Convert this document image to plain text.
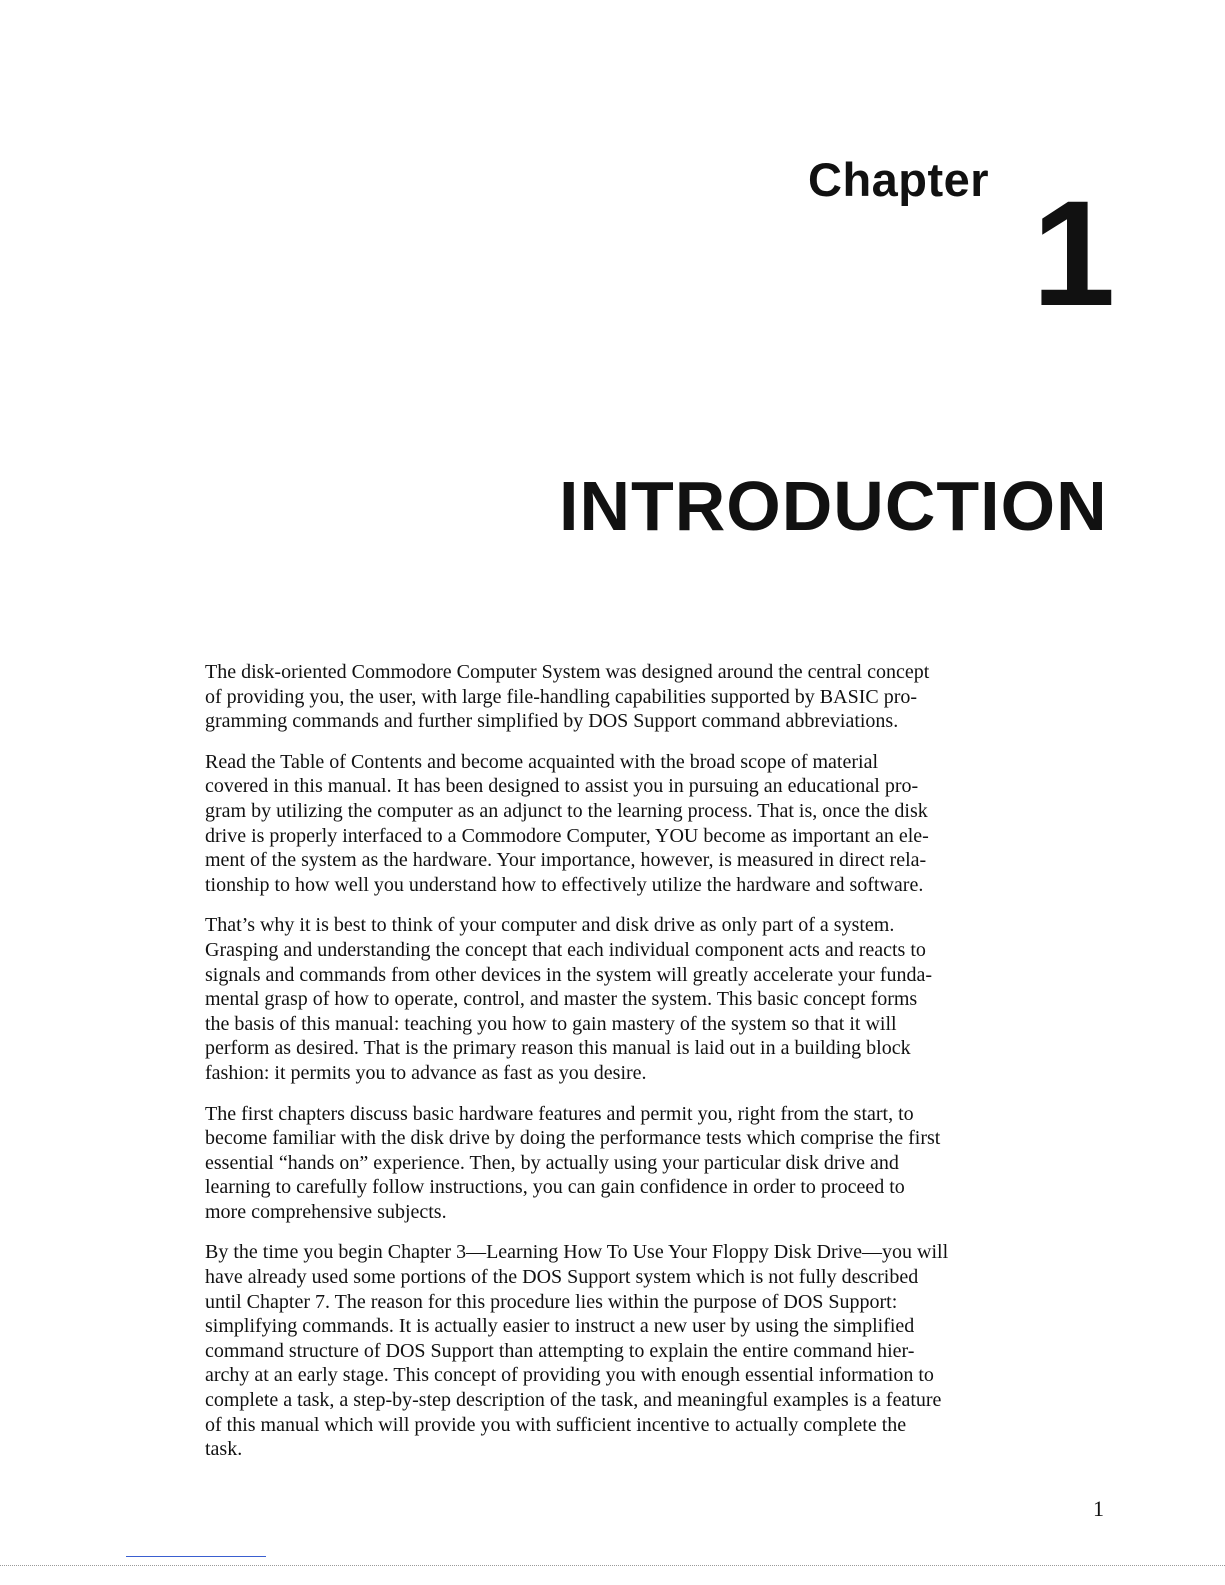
Chapter 1
INTRODUCTION

The disk-oriented Commodore Computer System was designed around the central concept
of providing you, the user, with large file-handling capabilities supported by BASIC pro-
gramming commands and further simplified by DOS Support command abbreviations.

Read the Table of Contents and become acquainted with the broad scope of material
covered in this manual. It has been designed to assist you in pursuing an educational pro-
gram by utilizing the computer as an adjunct to the learning process. That is, once the disk
drive is properly interfaced to a Commodore Computer, YOU become as important an ele-
ment of the system as the hardware. Your importance, however, is measured in direct rela-
tionship to how well you understand how to effectively utilize the hardware and software.

That’s why it is best to think of your computer and disk drive as only part of a system.
Grasping and understanding the concept that each individual component acts and reacts to
signals and commands from other devices in the system will greatly accelerate your funda-
mental grasp of how to operate, control, and master the system. This basic concept forms
the basis of this manual: teaching you how to gain mastery of the system so that it will
perform as desired. That is the primary reason this manual is laid out in a building block
fashion: it permits you to advance as fast as you desire.

The first chapters discuss basic hardware features and permit you, right from the start, to
become familiar with the disk drive by doing the performance tests which comprise the first
essential “hands on” experience. Then, by actually using your particular disk drive and
learning to carefully follow instructions, you can gain confidence in order to proceed to
more comprehensive subjects.

By the time you begin Chapter 3—Learning How To Use Your Floppy Disk Drive—you will
have already used some portions of the DOS Support system which is not fully described
until Chapter 7. The reason for this procedure lies within the purpose of DOS Support:
simplifying commands. It is actually easier to instruct a new user by using the simplified
command structure of DOS Support than attempting to explain the entire command hier-
archy at an early stage. This concept of providing you with enough essential information to
complete a task, a step-by-step description of the task, and meaningful examples is a feature
of this manual which will provide you with sufficient incentive to actually complete the
task.

1
